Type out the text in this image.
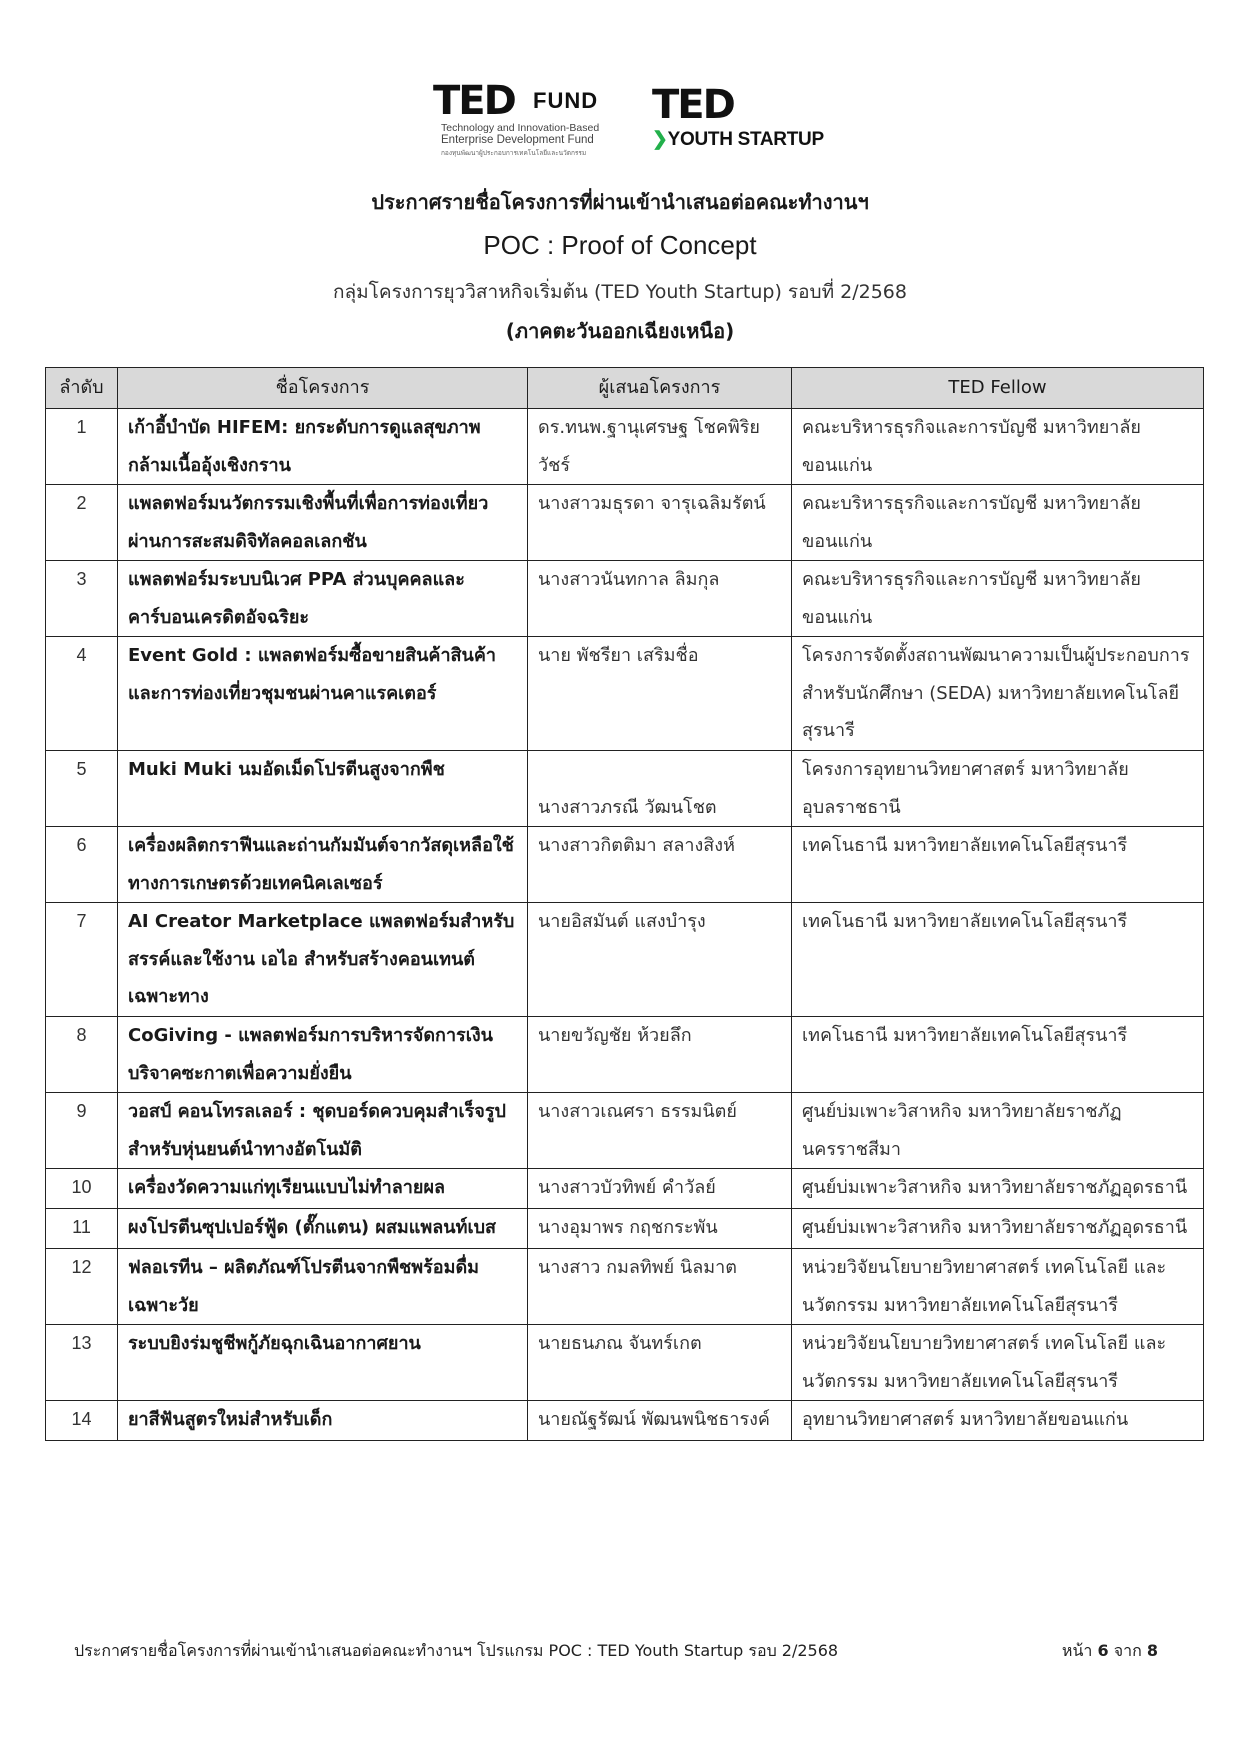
TED FUND
Technology and Innovation-Based
Enterprise Development Fund
กองทุนพัฒนาผู้ประกอบการเทคโนโลยีและนวัตกรรม
TED
❯YOUTH STARTUP
ประกาศรายชื่อโครงการที่ผ่านเข้านำเสนอต่อคณะทำงานฯ
POC : Proof of Concept
กลุ่มโครงการยุววิสาหกิจเริ่มต้น (TED Youth Startup) รอบที่ 2/2568
(ภาคตะวันออกเฉียงเหนือ)
ลำดับ	ชื่อโครงการ	ผู้เสนอโครงการ	TED Fellow
1	เก้าอี้บำบัด HIFEM: ยกระดับการดูแลสุขภาพกล้ามเนื้ออุ้งเชิงกราน	ดร.ทนพ.ฐานุเศรษฐ โชคพิริยวัชร์	คณะบริหารธุรกิจและการบัญชี มหาวิทยาลัยขอนแก่น
2	แพลตฟอร์มนวัตกรรมเชิงพื้นที่เพื่อการท่องเที่ยวผ่านการสะสมดิจิทัลคอลเลกชัน	นางสาวมธุรดา จารุเฉลิมรัตน์	คณะบริหารธุรกิจและการบัญชี มหาวิทยาลัยขอนแก่น
3	แพลตฟอร์มระบบนิเวศ PPA ส่วนบุคคลและคาร์บอนเครดิตอัจฉริยะ	นางสาวนันทกาล ลิมกุล	คณะบริหารธุรกิจและการบัญชี มหาวิทยาลัยขอนแก่น
4	Event Gold : แพลตฟอร์มซื้อขายสินค้าสินค้าและการท่องเที่ยวชุมชนผ่านคาแรคเตอร์	นาย พัชรียา เสริมชื่อ	โครงการจัดตั้งสถานพัฒนาความเป็นผู้ประกอบการสำหรับนักศึกษา (SEDA) มหาวิทยาลัยเทคโนโลยีสุรนารี
5	Muki Muki นมอัดเม็ดโปรตีนสูงจากพืช	นางสาวภรณี วัฒนโชต	โครงการอุทยานวิทยาศาสตร์ มหาวิทยาลัยอุบลราชธานี
6	เครื่องผลิตกราฟีนและถ่านกัมมันต์จากวัสดุเหลือใช้ทางการเกษตรด้วยเทคนิคเลเซอร์	นางสาวกิตติมา สลางสิงห์	เทคโนธานี มหาวิทยาลัยเทคโนโลยีสุรนารี
7	AI Creator Marketplace แพลตฟอร์มสำหรับสรรค์และใช้งาน เอไอ สำหรับสร้างคอนเทนต์เฉพาะทาง	นายอิสมันต์ แสงบำรุง	เทคโนธานี มหาวิทยาลัยเทคโนโลยีสุรนารี
8	CoGiving - แพลตฟอร์มการบริหารจัดการเงินบริจาคซะกาตเพื่อความยั่งยืน	นายขวัญชัย ห้วยลึก	เทคโนธานี มหาวิทยาลัยเทคโนโลยีสุรนารี
9	วอสป์ คอนโทรลเลอร์ : ชุดบอร์ดควบคุมสำเร็จรูปสำหรับหุ่นยนต์นำทางอัตโนมัติ	นางสาวเณศรา ธรรมนิตย์	ศูนย์บ่มเพาะวิสาหกิจ มหาวิทยาลัยราชภัฏนครราชสีมา
10	เครื่องวัดความแก่ทุเรียนแบบไม่ทำลายผล	นางสาวบัวทิพย์ คำวัลย์	ศูนย์บ่มเพาะวิสาหกิจ มหาวิทยาลัยราชภัฏอุดรธานี
11	ผงโปรตีนซุปเปอร์ฟู้ด (ตั๊กแตน) ผสมแพลนท์เบส	นางอุมาพร กฤชกระพัน	ศูนย์บ่มเพาะวิสาหกิจ มหาวิทยาลัยราชภัฏอุดรธานี
12	ฟลอเรทีน – ผลิตภัณฑ์โปรตีนจากพืชพร้อมดื่มเฉพาะวัย	นางสาว กมลทิพย์ นิลมาต	หน่วยวิจัยนโยบายวิทยาศาสตร์ เทคโนโลยี และนวัตกรรม มหาวิทยาลัยเทคโนโลยีสุรนารี
13	ระบบยิงร่มชูชีพกู้ภัยฉุกเฉินอากาศยาน	นายธนภณ จันทร์เกต	หน่วยวิจัยนโยบายวิทยาศาสตร์ เทคโนโลยี และนวัตกรรม มหาวิทยาลัยเทคโนโลยีสุรนารี
14	ยาสีฟันสูตรใหม่สำหรับเด็ก	นายณัฐรัฒน์ พัฒนพนิชธารงค์	อุทยานวิทยาศาสตร์ มหาวิทยาลัยขอนแก่น
ประกาศรายชื่อโครงการที่ผ่านเข้านำเสนอต่อคณะทำงานฯ โปรแกรม POC : TED Youth Startup รอบ 2/2568	หน้า 6 จาก 8
